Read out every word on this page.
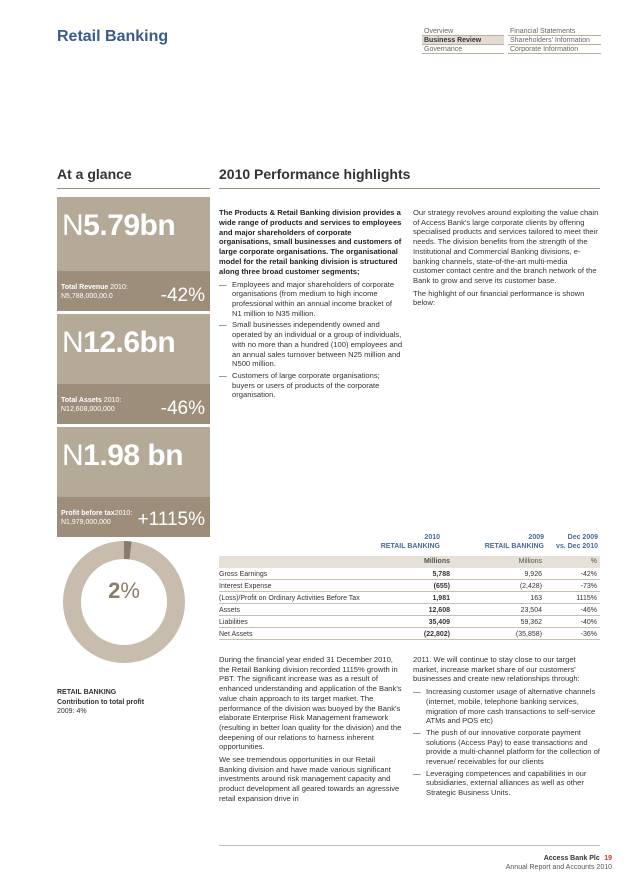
Retail Banking	Overview
Business Review
Governance
Financial Statements
Shareholders' Information
Corporate Information
At a glance	2010 Performance highlights
N5.79bn
Total Revenue 2010:
N5,788,000,00.0	-42%
N12.6bn
Total Assets 2010:
N12,608,000,000	-46%
N1.98 bn
Profit before tax2010:
N1,979,000,000	+1115%
2%
RETAIL BANKING
Contribution to total profit
2009: 4%

The Products & Retail Banking division provides a wide range of products and services to employees and major shareholders of corporate organisations, small businesses and customers of large corporate organisations. The organisational model for the retail banking division is structured along three broad customer segments;

— Employees and major shareholders of corporate organisations (from medium to high income professional within an annual income bracket of N1 million to N35 million.
— Small businesses independently owned and operated by an individual or a group of individuals, with no more than a hundred (100) employees and an annual sales turnover between N25 million and N500 million.
— Customers of large corporate organisations; buyers or users of products of the corporate organisation.

Our strategy revolves around exploiting the value chain of Access Bank's large corporate clients by offering specialised products and services tailored to meet their needs. The division benefits from the strength of the Institutional and Commercial Banking divisions, e-banking channels, state-of-the-art multi-media customer contact centre and the branch network of the Bank to grow and serve its customer base.

The highlight of our financial performance is shown below:

2010
RETAIL BANKING
2009
RETAIL BANKING
Dec 2009
vs. Dec 2010
Millions	Millions	%
Gross Earnings	5,788	9,926	-42%
Interest Expense	(655)	(2,428)	-73%
(Loss)/Profit on Ordinary Activities Before Tax	1,981	163	1115%
Assets	12,608	23,504	-46%
Liabilities	35,409	59,362	-40%
Net Assets	(22,802)	(35,858)	-36%

During the financial year ended 31 December 2010, the Retail Banking division recorded 1115% growth in PBT. The significant increase was as a result of enhanced understanding and application of the Bank's value chain approach to its target market. The performance of the division was buoyed by the Bank's elaborate Enterprise Risk Management framework (resulting in better loan quality for the division) and the deepening of our relations to harness inherent opportunities.

We see tremendous opportunities in our Retail Banking division and have made various significant investments around risk management capacity and product development all geared towards an agressive retail expansion drive in

2011. We will continue to stay close to our target market, increase market share of our customers' businesses and create new relationships through:

— Increasing customer usage of alternative channels (internet, mobile, telephone banking services, migration of more cash transactions to self-service ATMs and POS etc)
— The push of our innovative corporate payment solutions (Access Pay) to ease transactions and provide a multi-channel platform for the collection of revenue/ receivables for our clients
— Leveraging competences and capabilities in our subsidiaries, external alliances as well as other Strategic Business Units.
Access Bank Plc 19
Annual Report and Accounts 2010
